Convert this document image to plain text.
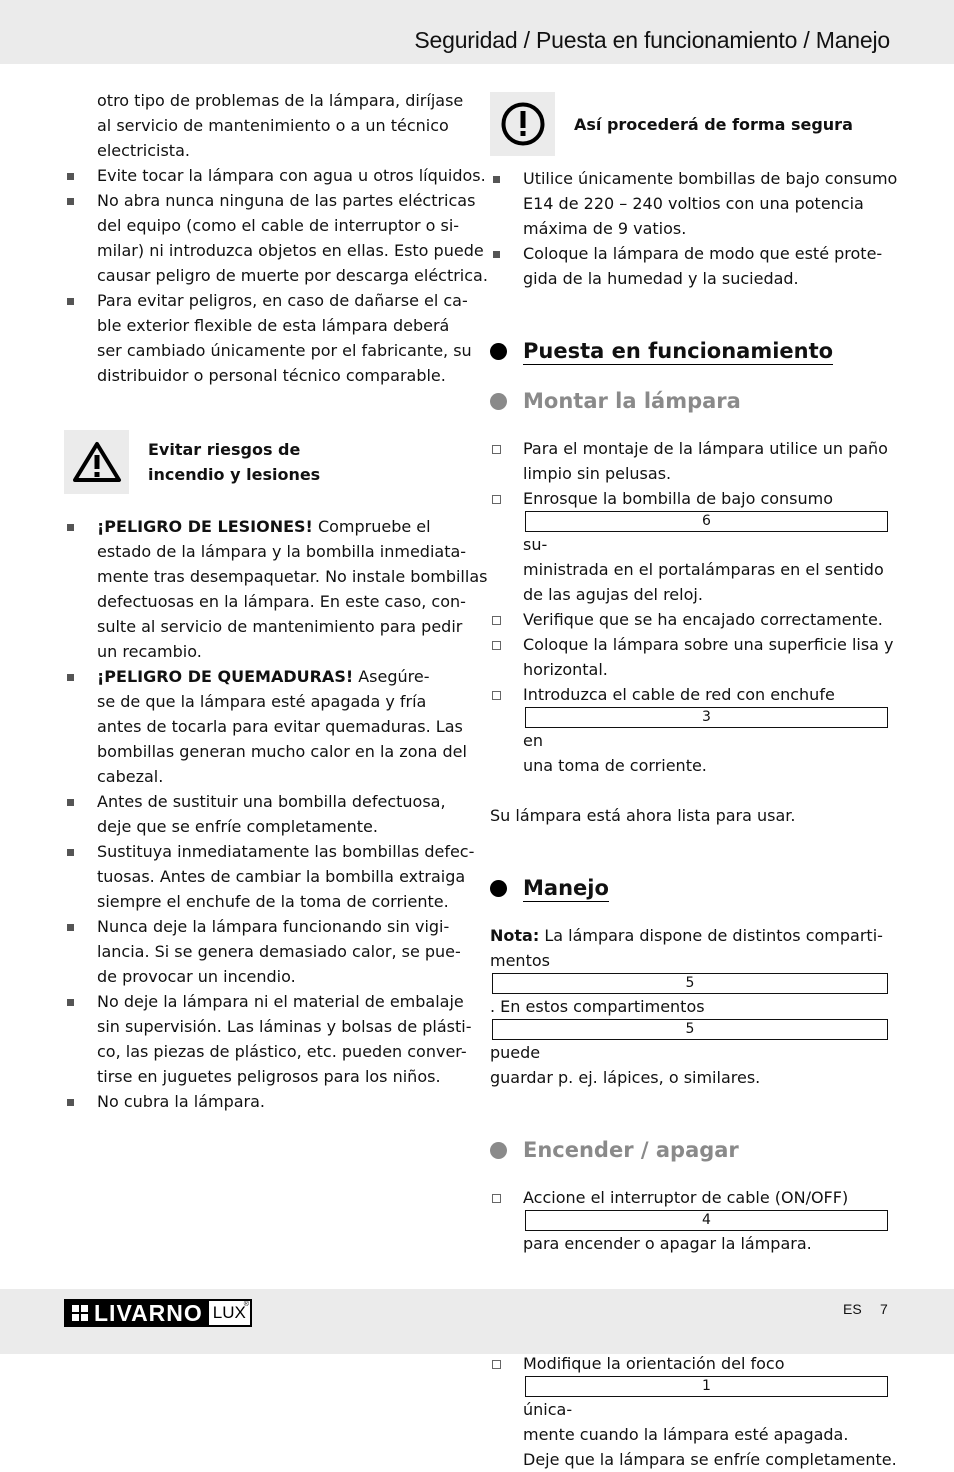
Seguridad / Puesta en funcionamiento / Manejo
otro tipo de problemas de la lámpara, diríjase
al servicio de mantenimiento o a un técnico
electricista.
Evite tocar la lámpara con agua u otros líquidos.
No abra nunca ninguna de las partes eléctricas
del equipo (como el cable de interruptor o si-
milar) ni introduzca objetos en ellas. Esto puede
causar peligro de muerte por descarga eléctrica.
Para evitar peligros, en caso de dañarse el ca-
ble exterior flexible de esta lámpara deberá
ser cambiado únicamente por el fabricante, su
distribuidor o personal técnico comparable.
Evitar riesgos de
incendio y lesiones
¡PELIGRO DE LESIONES! Compruebe el
estado de la lámpara y la bombilla inmediata-
mente tras desempaquetar. No instale bombillas
defectuosas en la lámpara. En este caso, con-
sulte al servicio de mantenimiento para pedir
un recambio.
¡PELIGRO DE QUEMADURAS! Asegúre-
se de que la lámpara esté apagada y fría
antes de tocarla para evitar quemaduras. Las
bombillas generan mucho calor en la zona del
cabezal.
Antes de sustituir una bombilla defectuosa,
deje que se enfríe completamente.
Sustituya inmediatamente las bombillas defec-
tuosas. Antes de cambiar la bombilla extraiga
siempre el enchufe de la toma de corriente.
Nunca deje la lámpara funcionando sin vigi-
lancia. Si se genera demasiado calor, se pue-
de provocar un incendio.
No deje la lámpara ni el material de embalaje
sin supervisión. Las láminas y bolsas de plásti-
co, las piezas de plástico, etc. pueden conver-
tirse en juguetes peligrosos para los niños.
No cubra la lámpara.
Así procederá de forma segura
Utilice únicamente bombillas de bajo consumo
E14 de 220 – 240 voltios con una potencia
máxima de 9 vatios.
Coloque la lámpara de modo que esté prote-
gida de la humedad y la suciedad.
Puesta en funcionamiento
Montar la lámpara
Para el montaje de la lámpara utilice un paño
limpio sin pelusas.
Enrosque la bombilla de bajo consumo
6
su-
ministrada en el portalámparas en el sentido
de las agujas del reloj.
Verifique que se ha encajado correctamente.
Coloque la lámpara sobre una superficie lisa y
horizontal.
Introduzca el cable de red con enchufe
3
en
una toma de corriente.
Su lámpara está ahora lista para usar.
Manejo
Nota: La lámpara dispone de distintos comparti-
mentos
5
. En estos compartimentos
5
puede
guardar p. ej. lápices, o similares.
Encender / apagar
Accione el interruptor de cable (ON/OFF)
4
para encender o apagar la lámpara.
Modifique la orientación del foco
1
única-
mente cuando la lámpara esté apagada.
Deje que la lámpara se enfríe completamente.
LIVARNO LUX
®	ES 7
